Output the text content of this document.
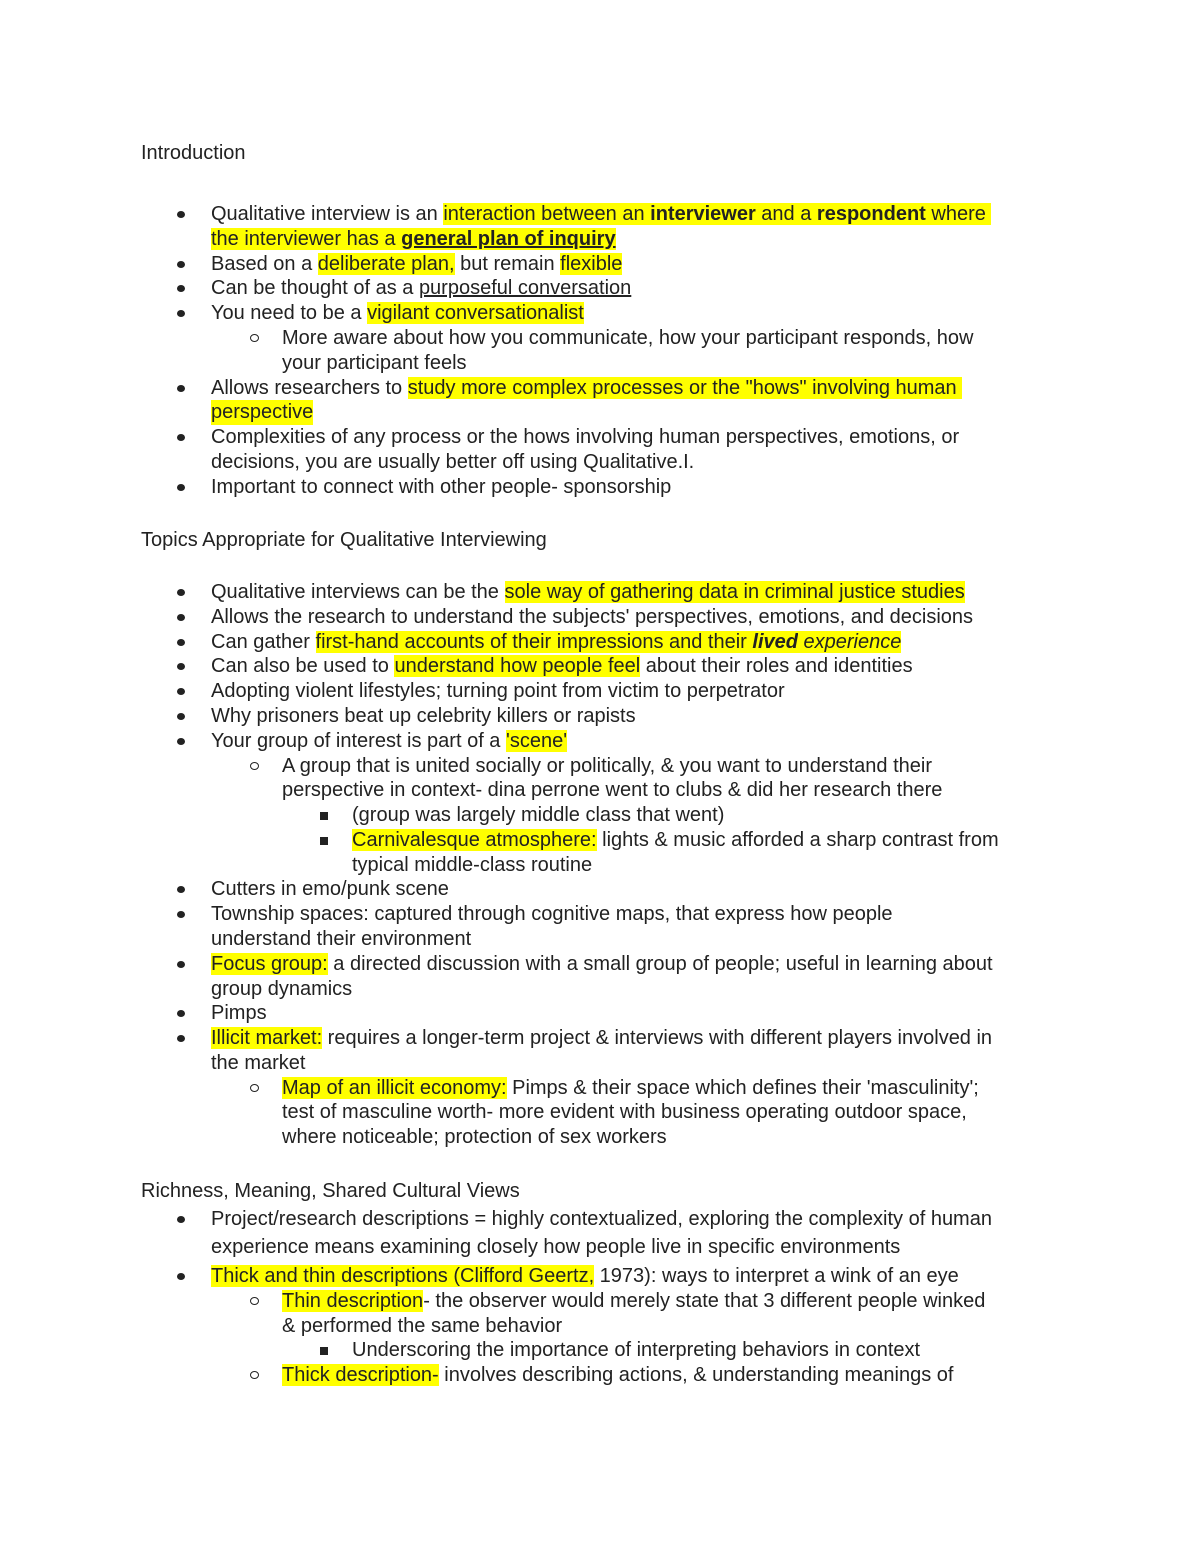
Introduction
Qualitative interview is an interaction between an interviewer and a respondent where
the interviewer has a general plan of inquiry
Based on a deliberate plan, but remain flexible
Can be thought of as a purposeful conversation
You need to be a vigilant conversationalist
More aware about how you communicate, how your participant responds, how
your participant feels
Allows researchers to study more complex processes or the "hows" involving human
perspective
Complexities of any process or the hows involving human perspectives, emotions, or
decisions, you are usually better off using Qualitative.I.
Important to connect with other people- sponsorship
Topics Appropriate for Qualitative Interviewing
Qualitative interviews can be the sole way of gathering data in criminal justice studies
Allows the research to understand the subjects' perspectives, emotions, and decisions
Can gather first-hand accounts of their impressions and their lived experience
Can also be used to understand how people feel about their roles and identities
Adopting violent lifestyles; turning point from victim to perpetrator
Why prisoners beat up celebrity killers or rapists
Your group of interest is part of a 'scene'
A group that is united socially or politically, & you want to understand their
perspective in context- dina perrone went to clubs & did her research there
(group was largely middle class that went)
Carnivalesque atmosphere: lights & music afforded a sharp contrast from
typical middle-class routine
Cutters in emo/punk scene
Township spaces: captured through cognitive maps, that express how people
understand their environment
Focus group: a directed discussion with a small group of people; useful in learning about
group dynamics
Pimps
Illicit market: requires a longer-term project & interviews with different players involved in
the market
Map of an illicit economy: Pimps & their space which defines their 'masculinity';
test of masculine worth- more evident with business operating outdoor space,
where noticeable; protection of sex workers
Richness, Meaning, Shared Cultural Views
Project/research descriptions = highly contextualized, exploring the complexity of human
experience means examining closely how people live in specific environments
Thick and thin descriptions (Clifford Geertz, 1973): ways to interpret a wink of an eye
Thin description- the observer would merely state that 3 different people winked
& performed the same behavior
Underscoring the importance of interpreting behaviors in context
Thick description- involves describing actions, & understanding meanings of
